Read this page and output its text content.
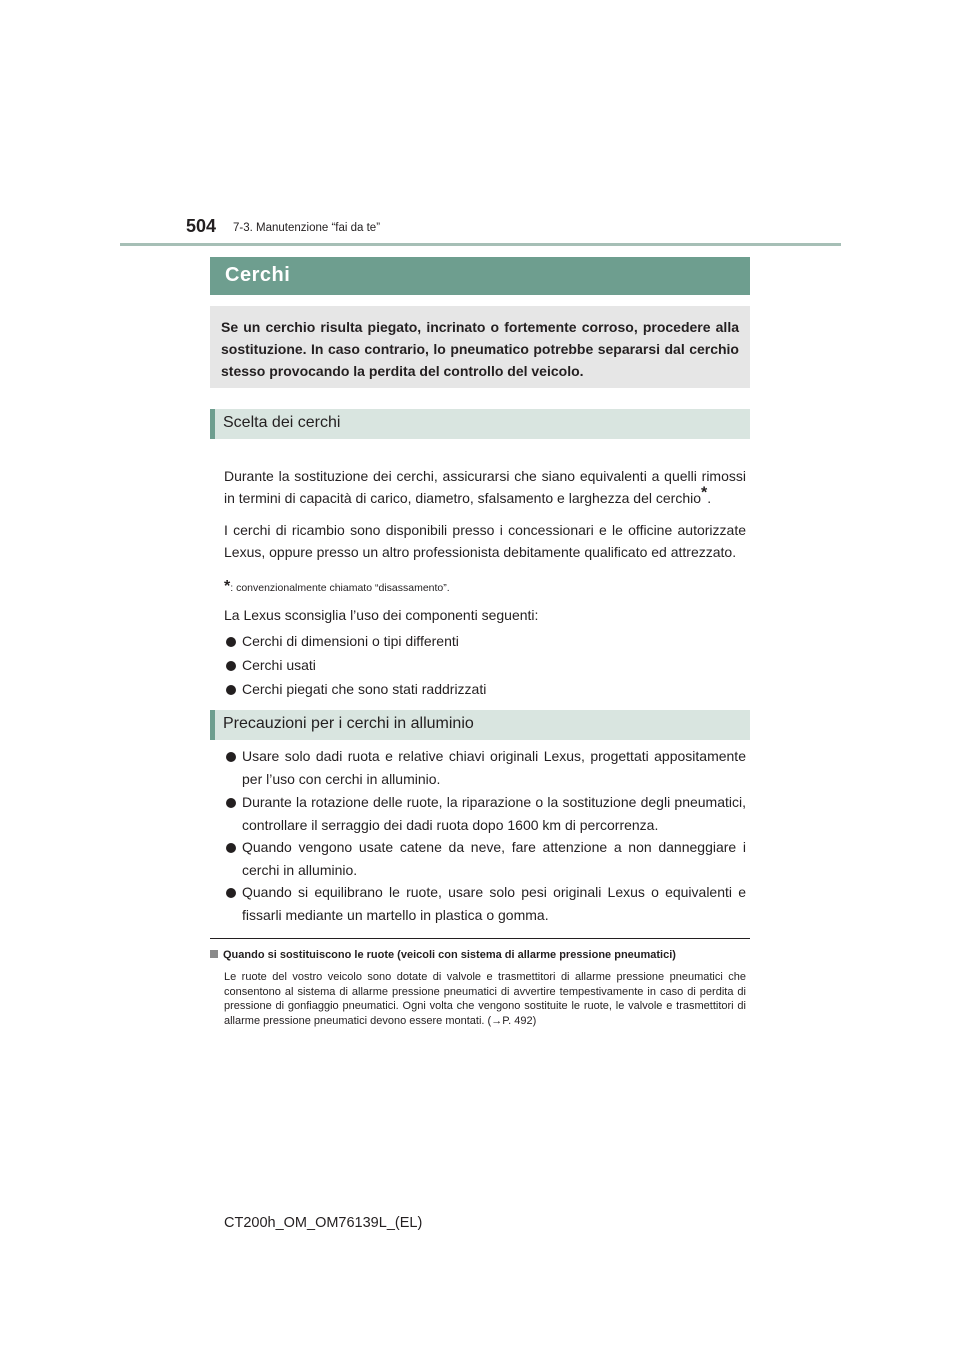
504 7-3. Manutenzione “fai da te”
Cerchi
Se un cerchio risulta piegato, incrinato o fortemente corroso, procedere alla sostituzione. In caso contrario, lo pneumatico potrebbe separarsi dal cerchio stesso provocando la perdita del controllo del veicolo.
Scelta dei cerchi
Durante la sostituzione dei cerchi, assicurarsi che siano equivalenti a quelli rimossi in termini di capacità di carico, diametro, sfalsamento e larghezza del cerchio*.
I cerchi di ricambio sono disponibili presso i concessionari e le officine autorizzate Lexus, oppure presso un altro professionista debitamente qualificato ed attrezzato.
*: convenzionalmente chiamato “disassamento”.
La Lexus sconsiglia l’uso dei componenti seguenti:
Cerchi di dimensioni o tipi differenti
Cerchi usati
Cerchi piegati che sono stati raddrizzati
Precauzioni per i cerchi in alluminio
Usare solo dadi ruota e relative chiavi originali Lexus, progettati appositamente per l’uso con cerchi in alluminio.
Durante la rotazione delle ruote, la riparazione o la sostituzione degli pneumatici, controllare il serraggio dei dadi ruota dopo 1600 km di percorrenza.
Quando vengono usate catene da neve, fare attenzione a non danneggiare i cerchi in alluminio.
Quando si equilibrano le ruote, usare solo pesi originali Lexus o equivalenti e fissarli mediante un martello in plastica o gomma.
Quando si sostituiscono le ruote (veicoli con sistema di allarme pressione pneumatici)
Le ruote del vostro veicolo sono dotate di valvole e trasmettitori di allarme pressione pneumatici che consentono al sistema di allarme pressione pneumatici di avvertire tempestivamente in caso di perdita di pressione di gonfiaggio pneumatici. Ogni volta che vengono sostituite le ruote, le valvole e trasmettitori di allarme pressione pneumatici devono essere montati. (→P. 492)
CT200h_OM_OM76139L_(EL)
